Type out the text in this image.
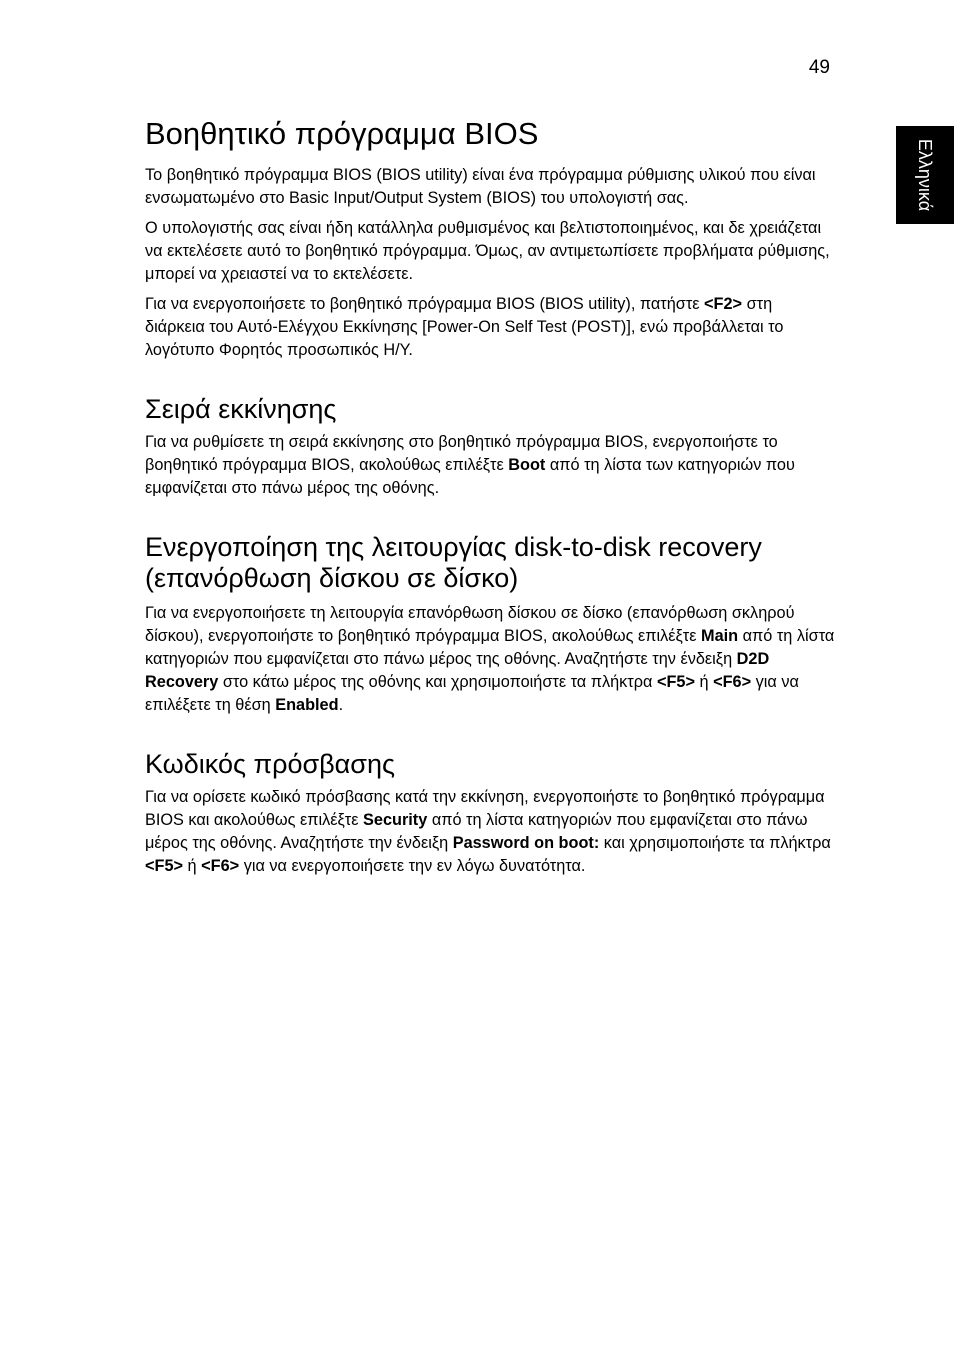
49
Ελληνικά
Βοηθητικό πρόγραμμα BIOS

Το βοηθητικό πρόγραμμα BIOS (BIOS utility) είναι ένα πρόγραμμα ρύθμισης υλικού που είναι ενσωματωμένο στο Basic Input/Output System (BIOS) του υπολογιστή σας.

Ο υπολογιστής σας είναι ήδη κατάλληλα ρυθμισμένος και βελτιστοποιημένος, και δε χρειάζεται να εκτελέσετε αυτό το βοηθητικό πρόγραμμα. Όμως, αν αντιμετωπίσετε προβλήματα ρύθμισης, μπορεί να χρειαστεί να το εκτελέσετε.

Για να ενεργοποιήσετε το βοηθητικό πρόγραμμα BIOS (BIOS utility), πατήστε <F2> στη διάρκεια του Αυτό-Ελέγχου Εκκίνησης [Power-On Self Test (POST)], ενώ προβάλλεται το λογότυπο Φορητός προσωπικός Η/Υ.

Σειρά εκκίνησης

Για να ρυθμίσετε τη σειρά εκκίνησης στο βοηθητικό πρόγραμμα BIOS, ενεργοποιήστε το βοηθητικό πρόγραμμα BIOS, ακολούθως επιλέξτε Boot από τη λίστα των κατηγοριών που εμφανίζεται στο πάνω μέρος της οθόνης.

Ενεργοποίηση της λειτουργίας disk-to-disk recovery
(επανόρθωση δίσκου σε δίσκο)

Για να ενεργοποιήσετε τη λειτουργία επανόρθωση δίσκου σε δίσκο (επανόρθωση σκληρού δίσκου), ενεργοποιήστε το βοηθητικό πρόγραμμα BIOS, ακολούθως επιλέξτε Main από τη λίστα κατηγοριών που εμφανίζεται στο πάνω μέρος της οθόνης. Αναζητήστε την ένδειξη D2D Recovery στο κάτω μέρος της οθόνης και χρησιμοποιήστε τα πλήκτρα <F5> ή <F6> για να επιλέξετε τη θέση Enabled.

Κωδικός πρόσβασης

Για να ορίσετε κωδικό πρόσβασης κατά την εκκίνηση, ενεργοποιήστε το βοηθητικό πρόγραμμα BIOS και ακολούθως επιλέξτε Security από τη λίστα κατηγοριών που εμφανίζεται στο πάνω μέρος της οθόνης. Αναζητήστε την ένδειξη Password on boot: και χρησιμοποιήστε τα πλήκτρα <F5> ή <F6> για να ενεργοποιήσετε την εν λόγω δυνατότητα.
